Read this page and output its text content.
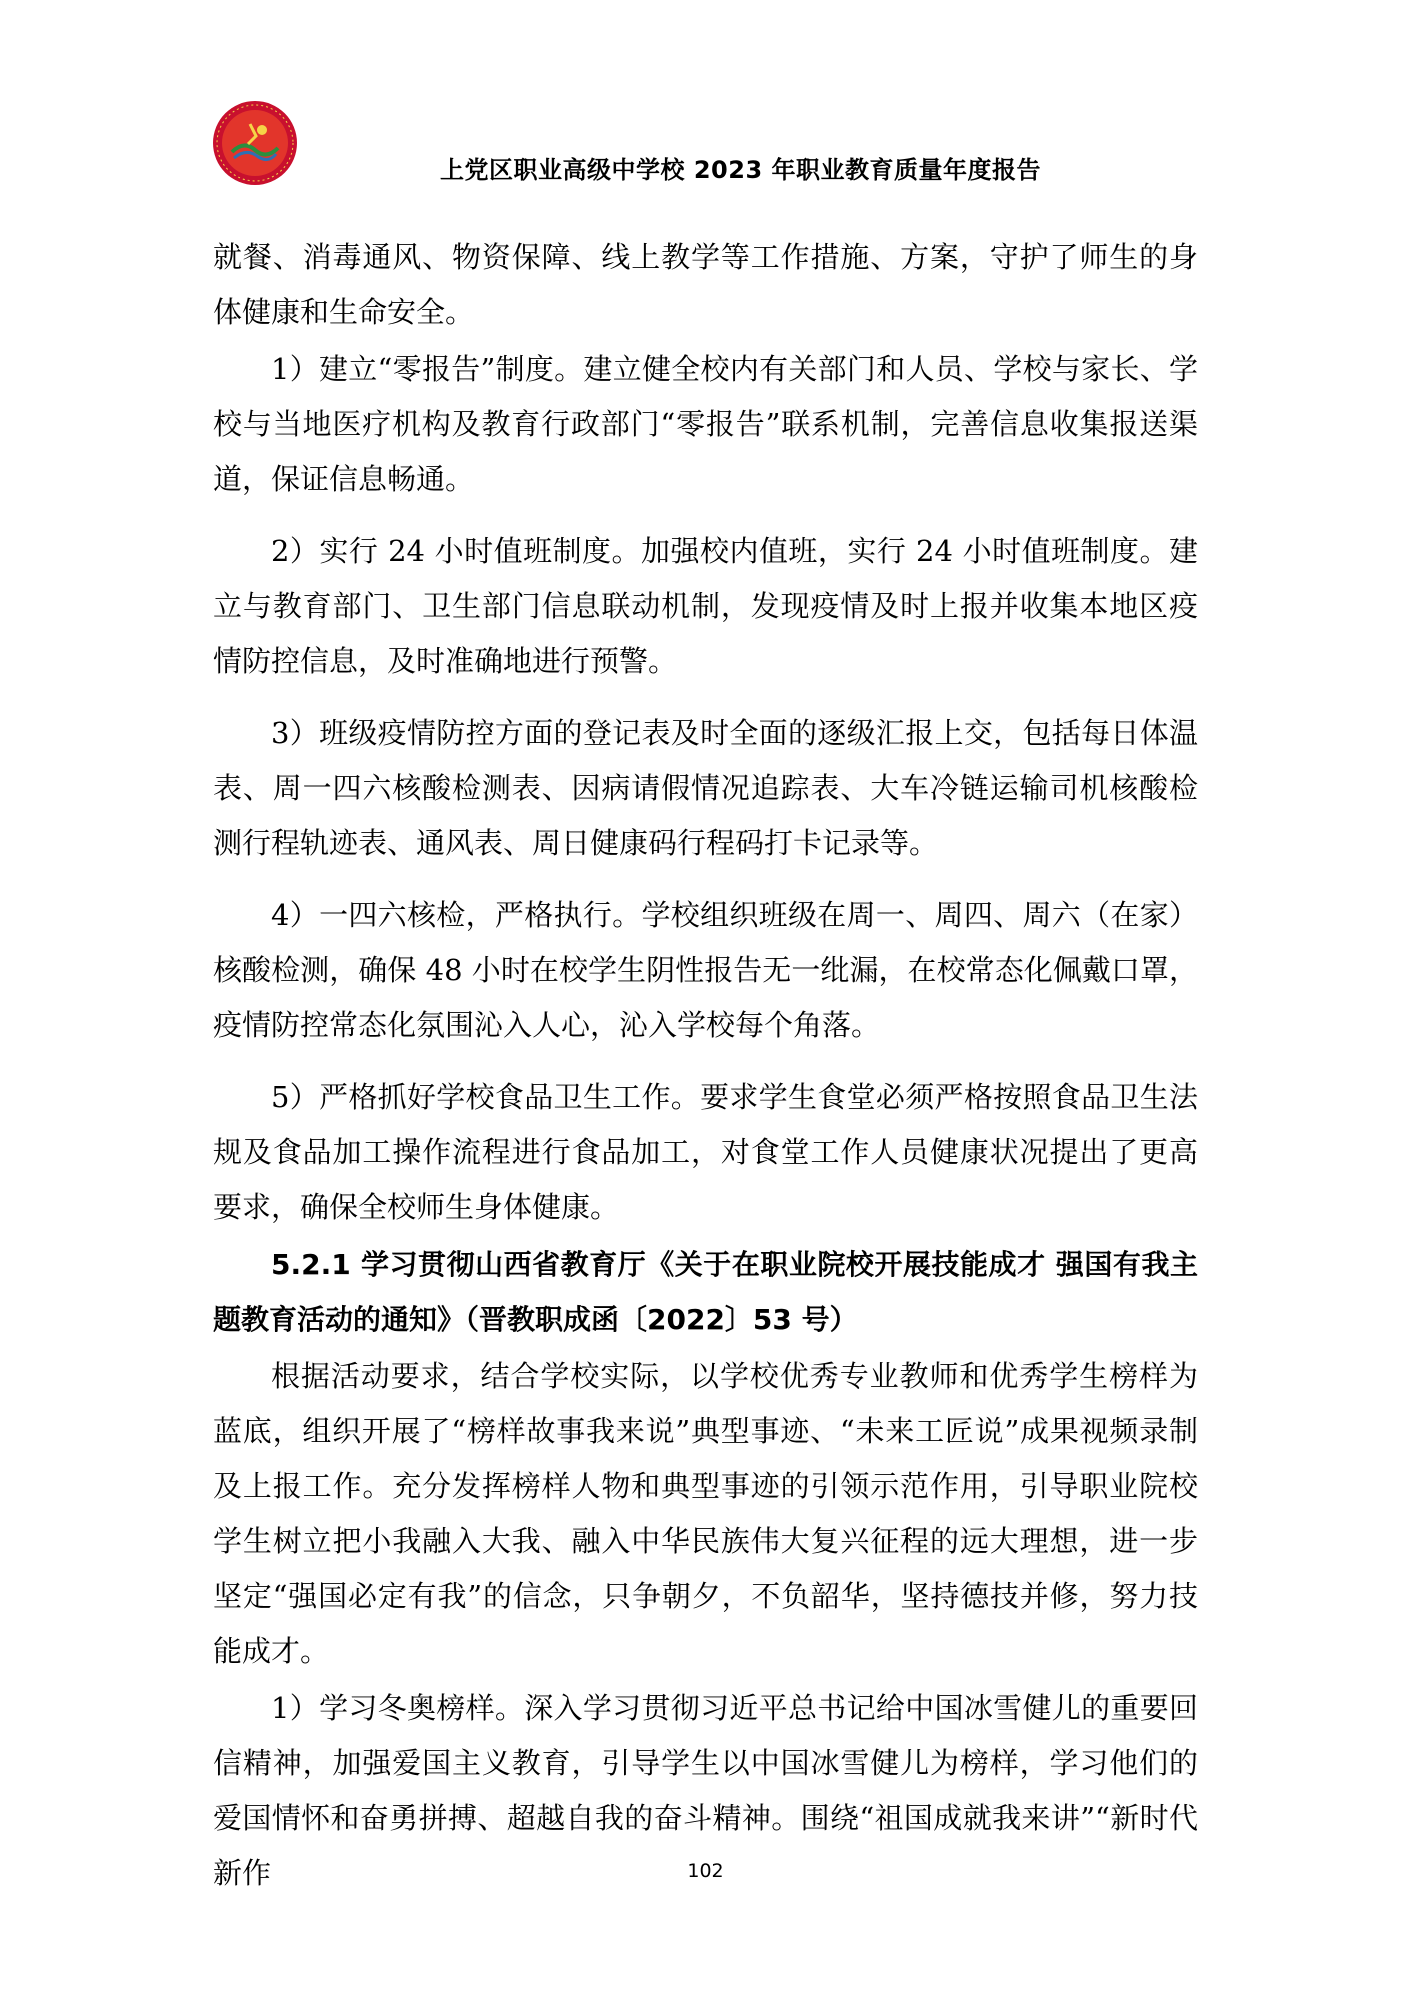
上党区职业高级中学校 2023 年职业教育质量年度报告

就餐、消毒通风、物资保障、线上教学等工作措施、方案，守护了师生的身体健康和生命安全。

1）建立“零报告”制度。建立健全校内有关部门和人员、学校与家长、学校与当地医疗机构及教育行政部门“零报告”联系机制，完善信息收集报送渠道，保证信息畅通。

2）实行 24 小时值班制度。加强校内值班，实行 24 小时值班制度。建立与教育部门、卫生部门信息联动机制，发现疫情及时上报并收集本地区疫情防控信息，及时准确地进行预警。

3）班级疫情防控方面的登记表及时全面的逐级汇报上交，包括每日体温表、周一四六核酸检测表、因病请假情况追踪表、大车冷链运输司机核酸检测行程轨迹表、通风表、周日健康码行程码打卡记录等。

4）一四六核检，严格执行。学校组织班级在周一、周四、周六（在家）核酸检测，确保 48 小时在校学生阴性报告无一纰漏，在校常态化佩戴口罩，疫情防控常态化氛围沁入人心，沁入学校每个角落。

5）严格抓好学校食品卫生工作。要求学生食堂必须严格按照食品卫生法规及食品加工操作流程进行食品加工，对食堂工作人员健康状况提出了更高要求，确保全校师生身体健康。

5.2.1 学习贯彻山西省教育厅《关于在职业院校开展技能成才 强国有我主题教育活动的通知》（晋教职成函〔2022〕53 号）

根据活动要求，结合学校实际，以学校优秀专业教师和优秀学生榜样为蓝底，组织开展了“榜样故事我来说”典型事迹、“未来工匠说”成果视频录制及上报工作。充分发挥榜样人物和典型事迹的引领示范作用，引导职业院校学生树立把小我融入大我、融入中华民族伟大复兴征程的远大理想，进一步坚定“强国必定有我”的信念，只争朝夕，不负韶华，坚持德技并修，努力技能成才。

1）学习冬奥榜样。深入学习贯彻习近平总书记给中国冰雪健儿的重要回信精神，加强爱国主义教育，引导学生以中国冰雪健儿为榜样，学习他们的爱国情怀和奋勇拼搏、超越自我的奋斗精神。围绕“祖国成就我来讲”“新时代 新作	102
